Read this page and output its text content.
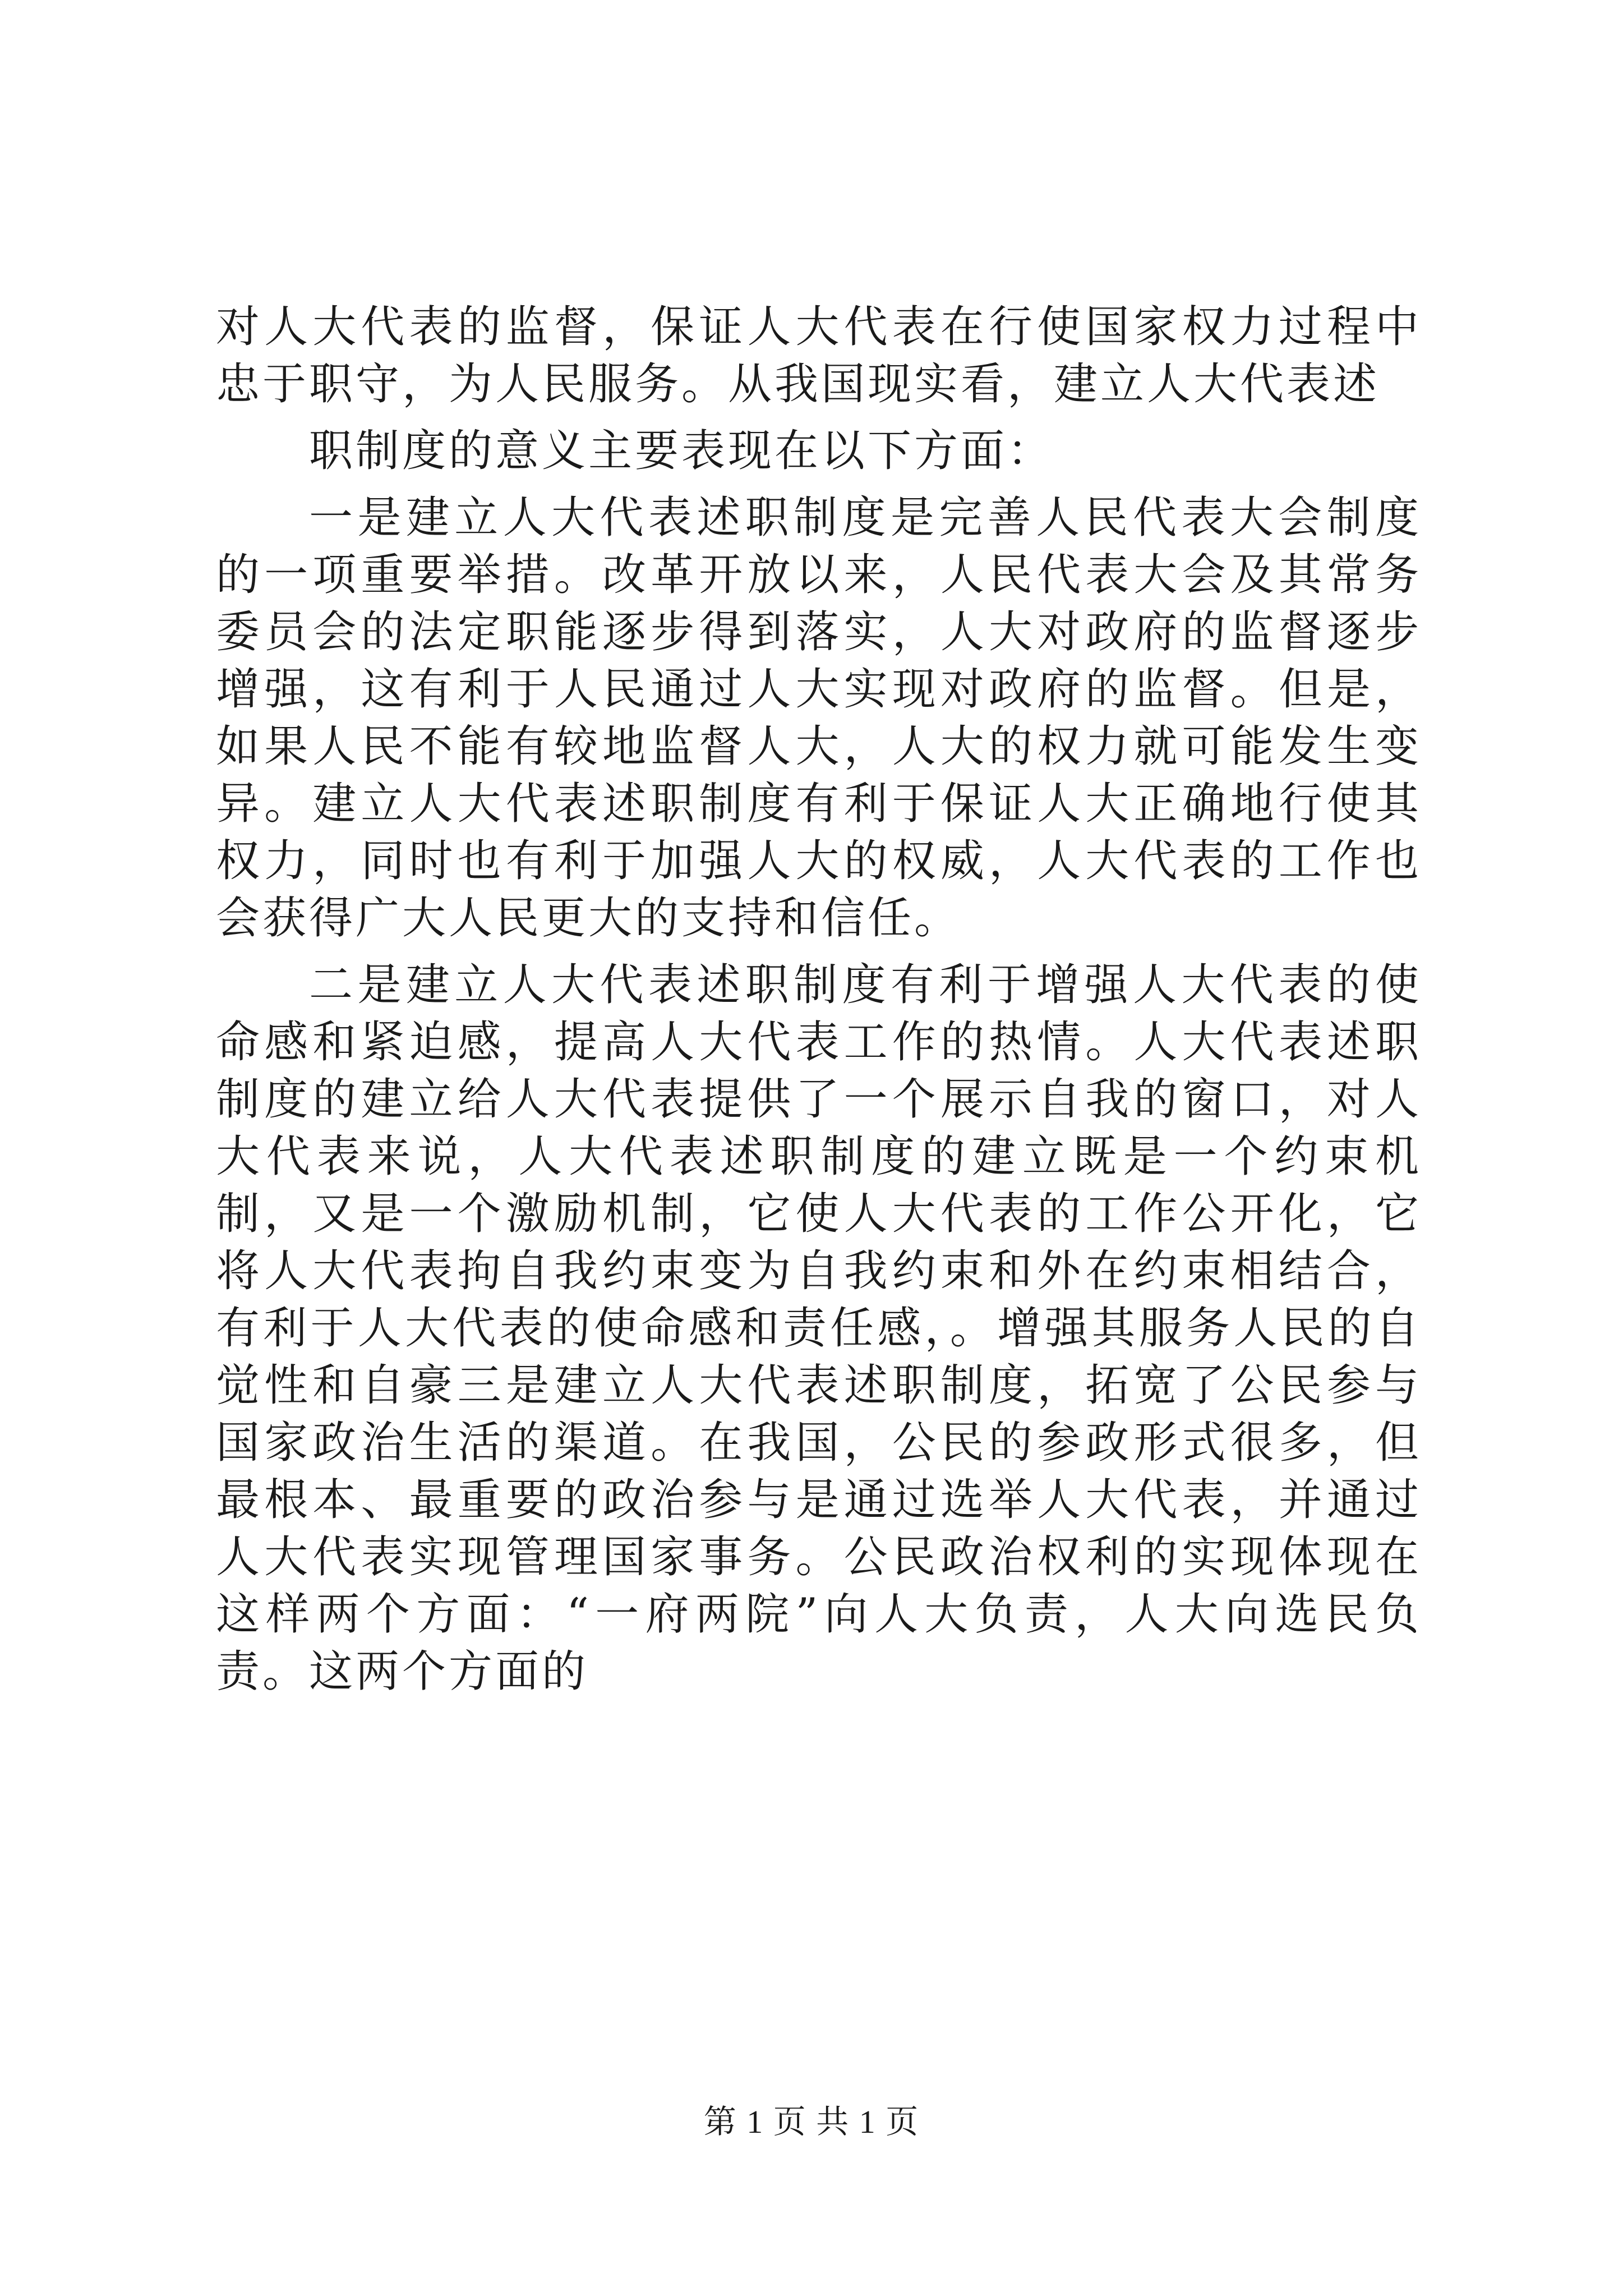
对人大代表的监督，保证人大代表在行使国家权力过程中忠于职守，为人民服务。从我国现实看，建立人大代表述

职制度的意义主要表现在以下方面：

一是建立人大代表述职制度是完善人民代表大会制度的一项重要举措。改革开放以来，人民代表大会及其常务委员会的法定职能逐步得到落实，人大对政府的监督逐步增强，这有利于人民通过人大实现对政府的监督。但是，如果人民不能有较地监督人大，人大的权力就可能发生变异。建立人大代表述职制度有利于保证人大正确地行使其权力，同时也有利于加强人大的权威，人大代表的工作也会获得广大人民更大的支持和信任。

二是建立人大代表述职制度有利于增强人大代表的使命感和紧迫感，提高人大代表工作的热情。人大代表述职制度的建立给人大代表提供了一个展示自我的窗口，对人大代表来说，人大代表述职制度的建立既是一个约束机制，又是一个激励机制，它使人大代表的工作公开化，它将人大代表拘自我约束变为自我约束和外在约束相结合，有利于人大代表的使命感和责任感，。增强其服务人民的自觉性和自豪三是建立人大代表述职制度，拓宽了公民参与国家政治生活的渠道。在我国，公民的参政形式很多，但最根本、最重要的政治参与是通过选举人大代表，并通过人大代表实现管理国家事务。公民政治权利的实现体现在这样两个方面：“一府两院”向人大负责，人大向选民负责。这两个方面的

第 1 页 共 1 页
